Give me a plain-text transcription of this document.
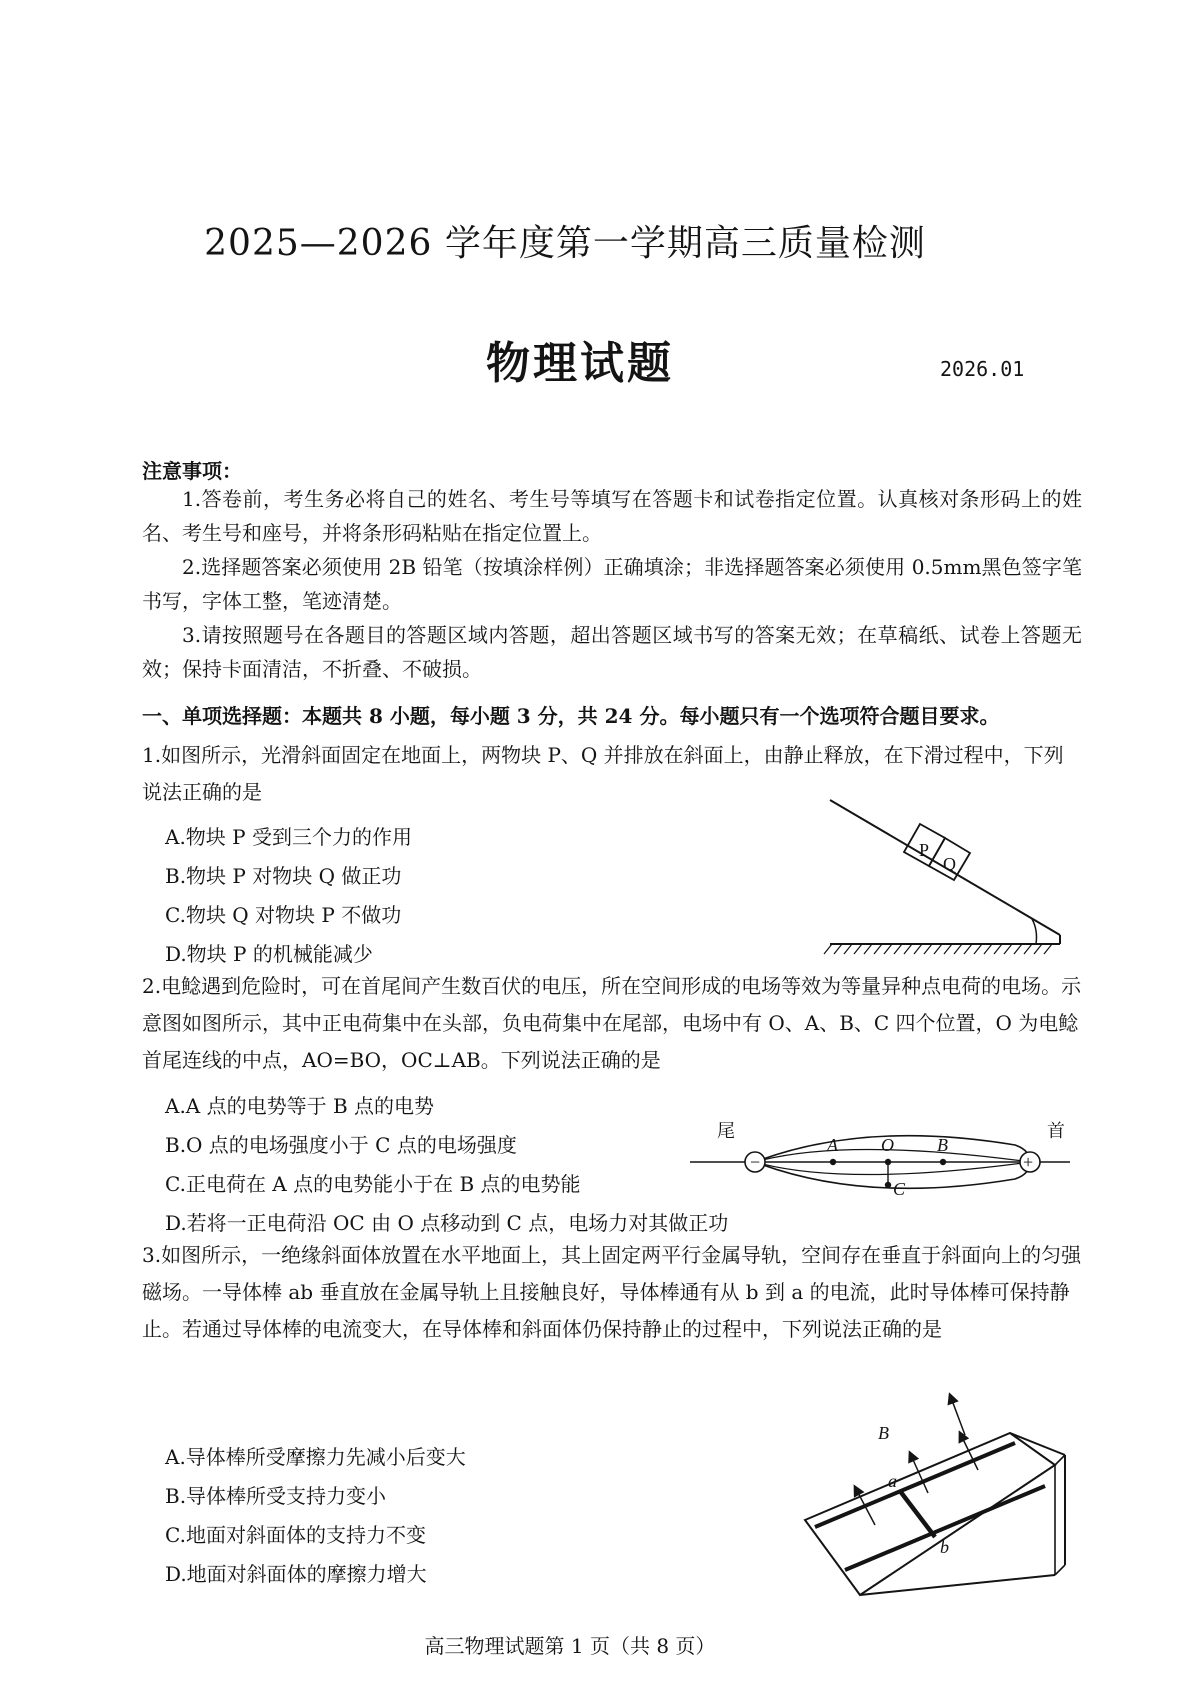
2025—2026 学年度第一学期高三质量检测
物理试题	2026.01
注意事项：
1.答卷前，考生务必将自己的姓名、考生号等填写在答题卡和试卷指定位置。认真核对条形码上的姓名、考生号和座号，并将条形码粘贴在指定位置上。
2.选择题答案必须使用 2B 铅笔（按填涂样例）正确填涂；非选择题答案必须使用 0.5mm黑色签字笔书写，字体工整，笔迹清楚。
3.请按照题号在各题目的答题区域内答题，超出答题区域书写的答案无效；在草稿纸、试卷上答题无效；保持卡面清洁，不折叠、不破损。
一、单项选择题：本题共 8 小题，每小题 3 分，共 24 分。每小题只有一个选项符合题目要求。
1.如图所示，光滑斜面固定在地面上，两物块 P、Q 并排放在斜面上，由静止释放，在下滑过程中，下列说法正确的是
A.物块 P 受到三个力的作用
B.物块 P 对物块 Q 做正功
C.物块 Q 对物块 P 不做功
D.物块 P 的机械能减少
P
Q
2.电鲶遇到危险时，可在首尾间产生数百伏的电压，所在空间形成的电场等效为等量异种点电荷的电场。示意图如图所示，其中正电荷集中在头部，负电荷集中在尾部，电场中有 O、A、B、C 四个位置，O 为电鲶首尾连线的中点，AO=BO，OC⊥AB。下列说法正确的是
A.A 点的电势等于 B 点的电势
B.O 点的电场强度小于 C 点的电场强度
C.正电荷在 A 点的电势能小于在 B 点的电势能
D.若将一正电荷沿 OC 由 O 点移动到 C 点，电场力对其做正功
−	+
尾	首
A O B
C
3.如图所示，一绝缘斜面体放置在水平地面上，其上固定两平行金属导轨，空间存在垂直于斜面向上的匀强磁场。一导体棒 ab 垂直放在金属导轨上且接触良好，导体棒通有从 b 到 a 的电流，此时导体棒可保持静止。若通过导体棒的电流变大，在导体棒和斜面体仍保持静止的过程中，下列说法正确的是
A.导体棒所受摩擦力先减小后变大
B.导体棒所受支持力变小
C.地面对斜面体的支持力不变
D.地面对斜面体的摩擦力增大
B
a
b
高三物理试题第 1 页（共 8 页）
